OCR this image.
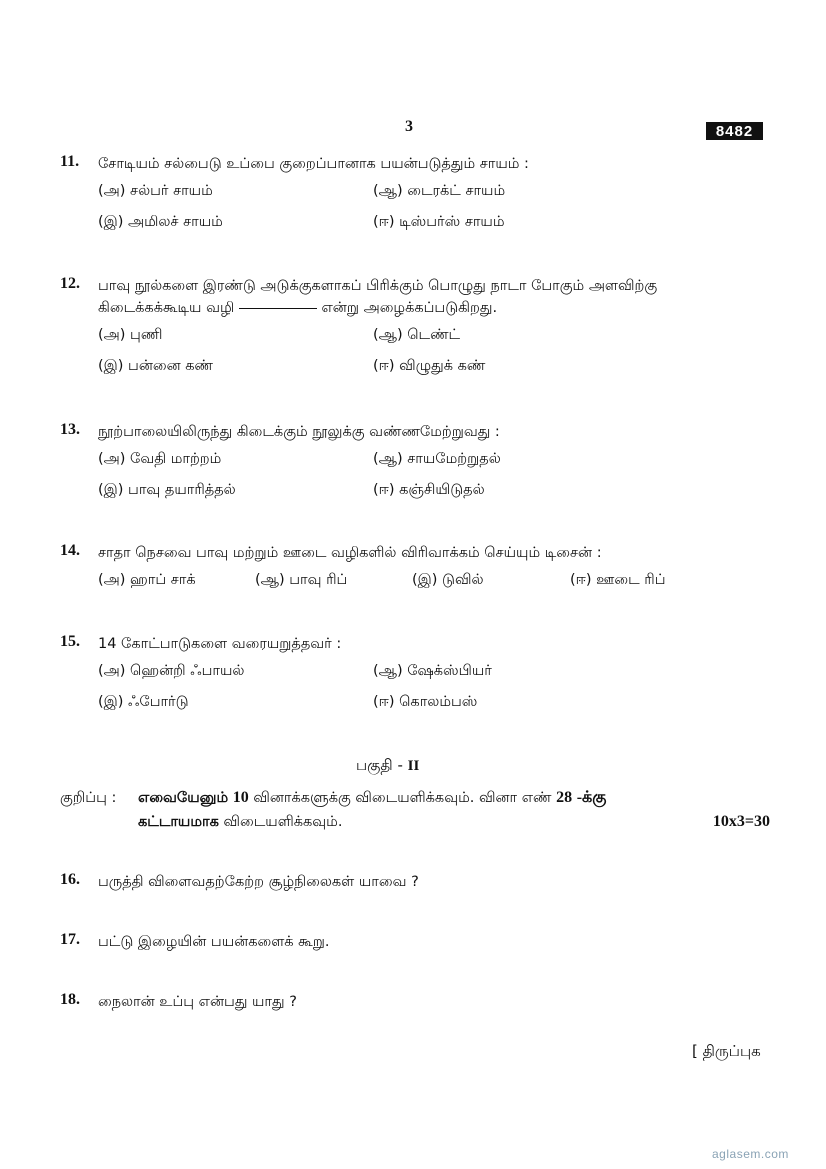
3	8482
11. சோடியம் சல்பைடு உப்பை குறைப்பானாக பயன்படுத்தும் சாயம் :
(அ) சல்பர் சாயம்	(ஆ) டைரக்ட் சாயம்
(இ) அமிலச் சாயம்	(ஈ) டிஸ்பர்ஸ் சாயம்
12. பாவு நூல்களை இரண்டு அடுக்குகளாகப் பிரிக்கும் பொழுது நாடா போகும் அளவிற்கு
கிடைக்கக்கூடிய வழி	என்று அழைக்கப்படுகிறது.
(அ) புணி	(ஆ) டெண்ட்
(இ) பன்னை கண்	(ஈ) விழுதுக் கண்
13. நூற்பாலையிலிருந்து கிடைக்கும் நூலுக்கு வண்ணமேற்றுவது :
(அ) வேதி மாற்றம்	(ஆ) சாயமேற்றுதல்
(இ) பாவு தயாரித்தல்	(ஈ) கஞ்சியிடுதல்
14. சாதா நெசவை பாவு மற்றும் ஊடை வழிகளில் விரிவாக்கம் செய்யும் டிசைன் :
(அ) ஹாப் சாக்	(ஆ) பாவு ரிப்	(இ) டுவில்	(ஈ) ஊடை ரிப்
15. 14 கோட்பாடுகளை வரையறுத்தவர் :
(அ) ஹென்றி ஃபாயல்	(ஆ) ஷேக்ஸ்பியர்
(இ) ஃபோர்டு	(ஈ) கொலம்பஸ்
பகுதி - II
குறிப்பு : எவையேனும் 10 வினாக்களுக்கு விடையளிக்கவும். வினா எண் 28 -க்கு
கட்டாயமாக விடையளிக்கவும்.	10x3=30
16. பருத்தி விளைவதற்கேற்ற சூழ்நிலைகள் யாவை ?
17. பட்டு இழையின் பயன்களைக் கூறு.
18. நைலான் உப்பு என்பது யாது ?
[ திருப்புக
aglasem.com
